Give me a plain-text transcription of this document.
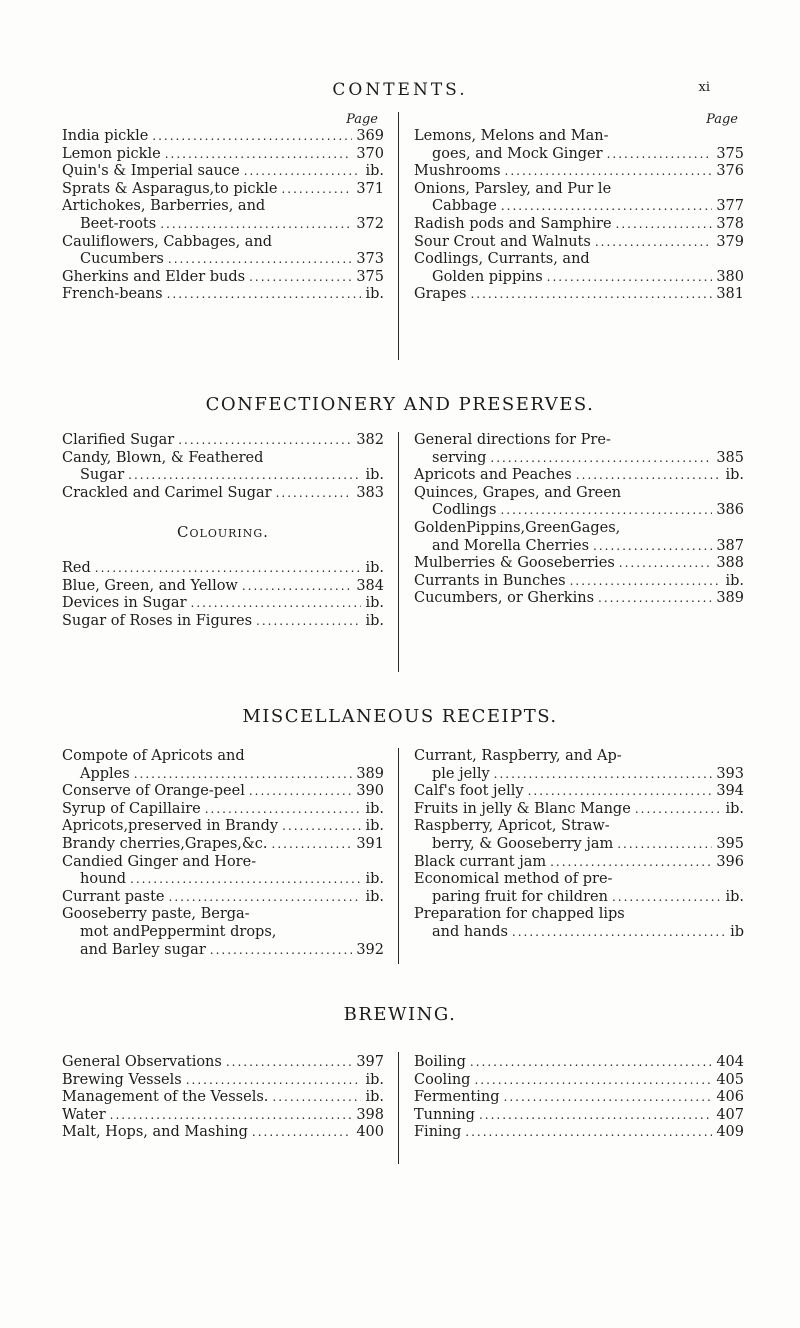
CONTENTS.	xi
Page
India pickle .....	369
Lemon pickle .....	370
Quin's & Imperial sauce .....	ib.
Sprats & Asparagus,to pickle .....	371
Artichokes, Barberries, and
Beet-roots .....	372
Cauliflowers, Cabbages, and
Cucumbers .....	373
Gherkins and Elder buds .....	375
French-beans .....	ib.
Page
Lemons, Melons and Man-
goes, and Mock Ginger .....	375
Mushrooms .....	376
Onions, Parsley, and Pur le
Cabbage .....	377
Radish pods and Samphire .....	378
Sour Crout and Walnuts .....	379
Codlings, Currants, and
Golden pippins .....	380
Grapes .....	381
CONFECTIONERY AND PRESERVES.
Clarified Sugar .....	382
Candy, Blown, & Feathered
Sugar .....	ib.
Crackled and Carimel Sugar .....	383
Colouring.
Red .....	ib.
Blue, Green, and Yellow .....	384
Devices in Sugar .....	ib.
Sugar of Roses in Figures .....	ib.
General directions for Pre-
serving .....	385
Apricots and Peaches .....	ib.
Quinces, Grapes, and Green
Codlings .....	386
GoldenPippins,GreenGages,
and Morella Cherries .....	387
Mulberries & Gooseberries .....	388
Currants in Bunches .....	ib.
Cucumbers, or Gherkins .....	389
MISCELLANEOUS RECEIPTS.
Compote of Apricots and
Apples .....	389
Conserve of Orange-peel .....	390
Syrup of Capillaire .....	ib.
Apricots,preserved in Brandy .....	ib.
Brandy cherries,Grapes,&c. .....	391
Candied Ginger and Hore-
hound .....	ib.
Currant paste .....	ib.
Gooseberry paste, Berga-
mot andPeppermint drops,
and Barley sugar .....	392
Currant, Raspberry, and Ap-
ple jelly .....	393
Calf's foot jelly .....	394
Fruits in jelly & Blanc Mange .....	ib.
Raspberry, Apricot, Straw-
berry, & Gooseberry jam .....	395
Black currant jam .....	396
Economical method of pre-
paring fruit for children .....	ib.
Preparation for chapped lips
and hands .....	ib
BREWING.
General Observations .....	397
Brewing Vessels .....	ib.
Management of the Vessels. .....	ib.
Water .....	398
Malt, Hops, and Mashing .....	400
Boiling .....	404
Cooling .....	405
Fermenting .....	406
Tunning .....	407
Fining .....	409
